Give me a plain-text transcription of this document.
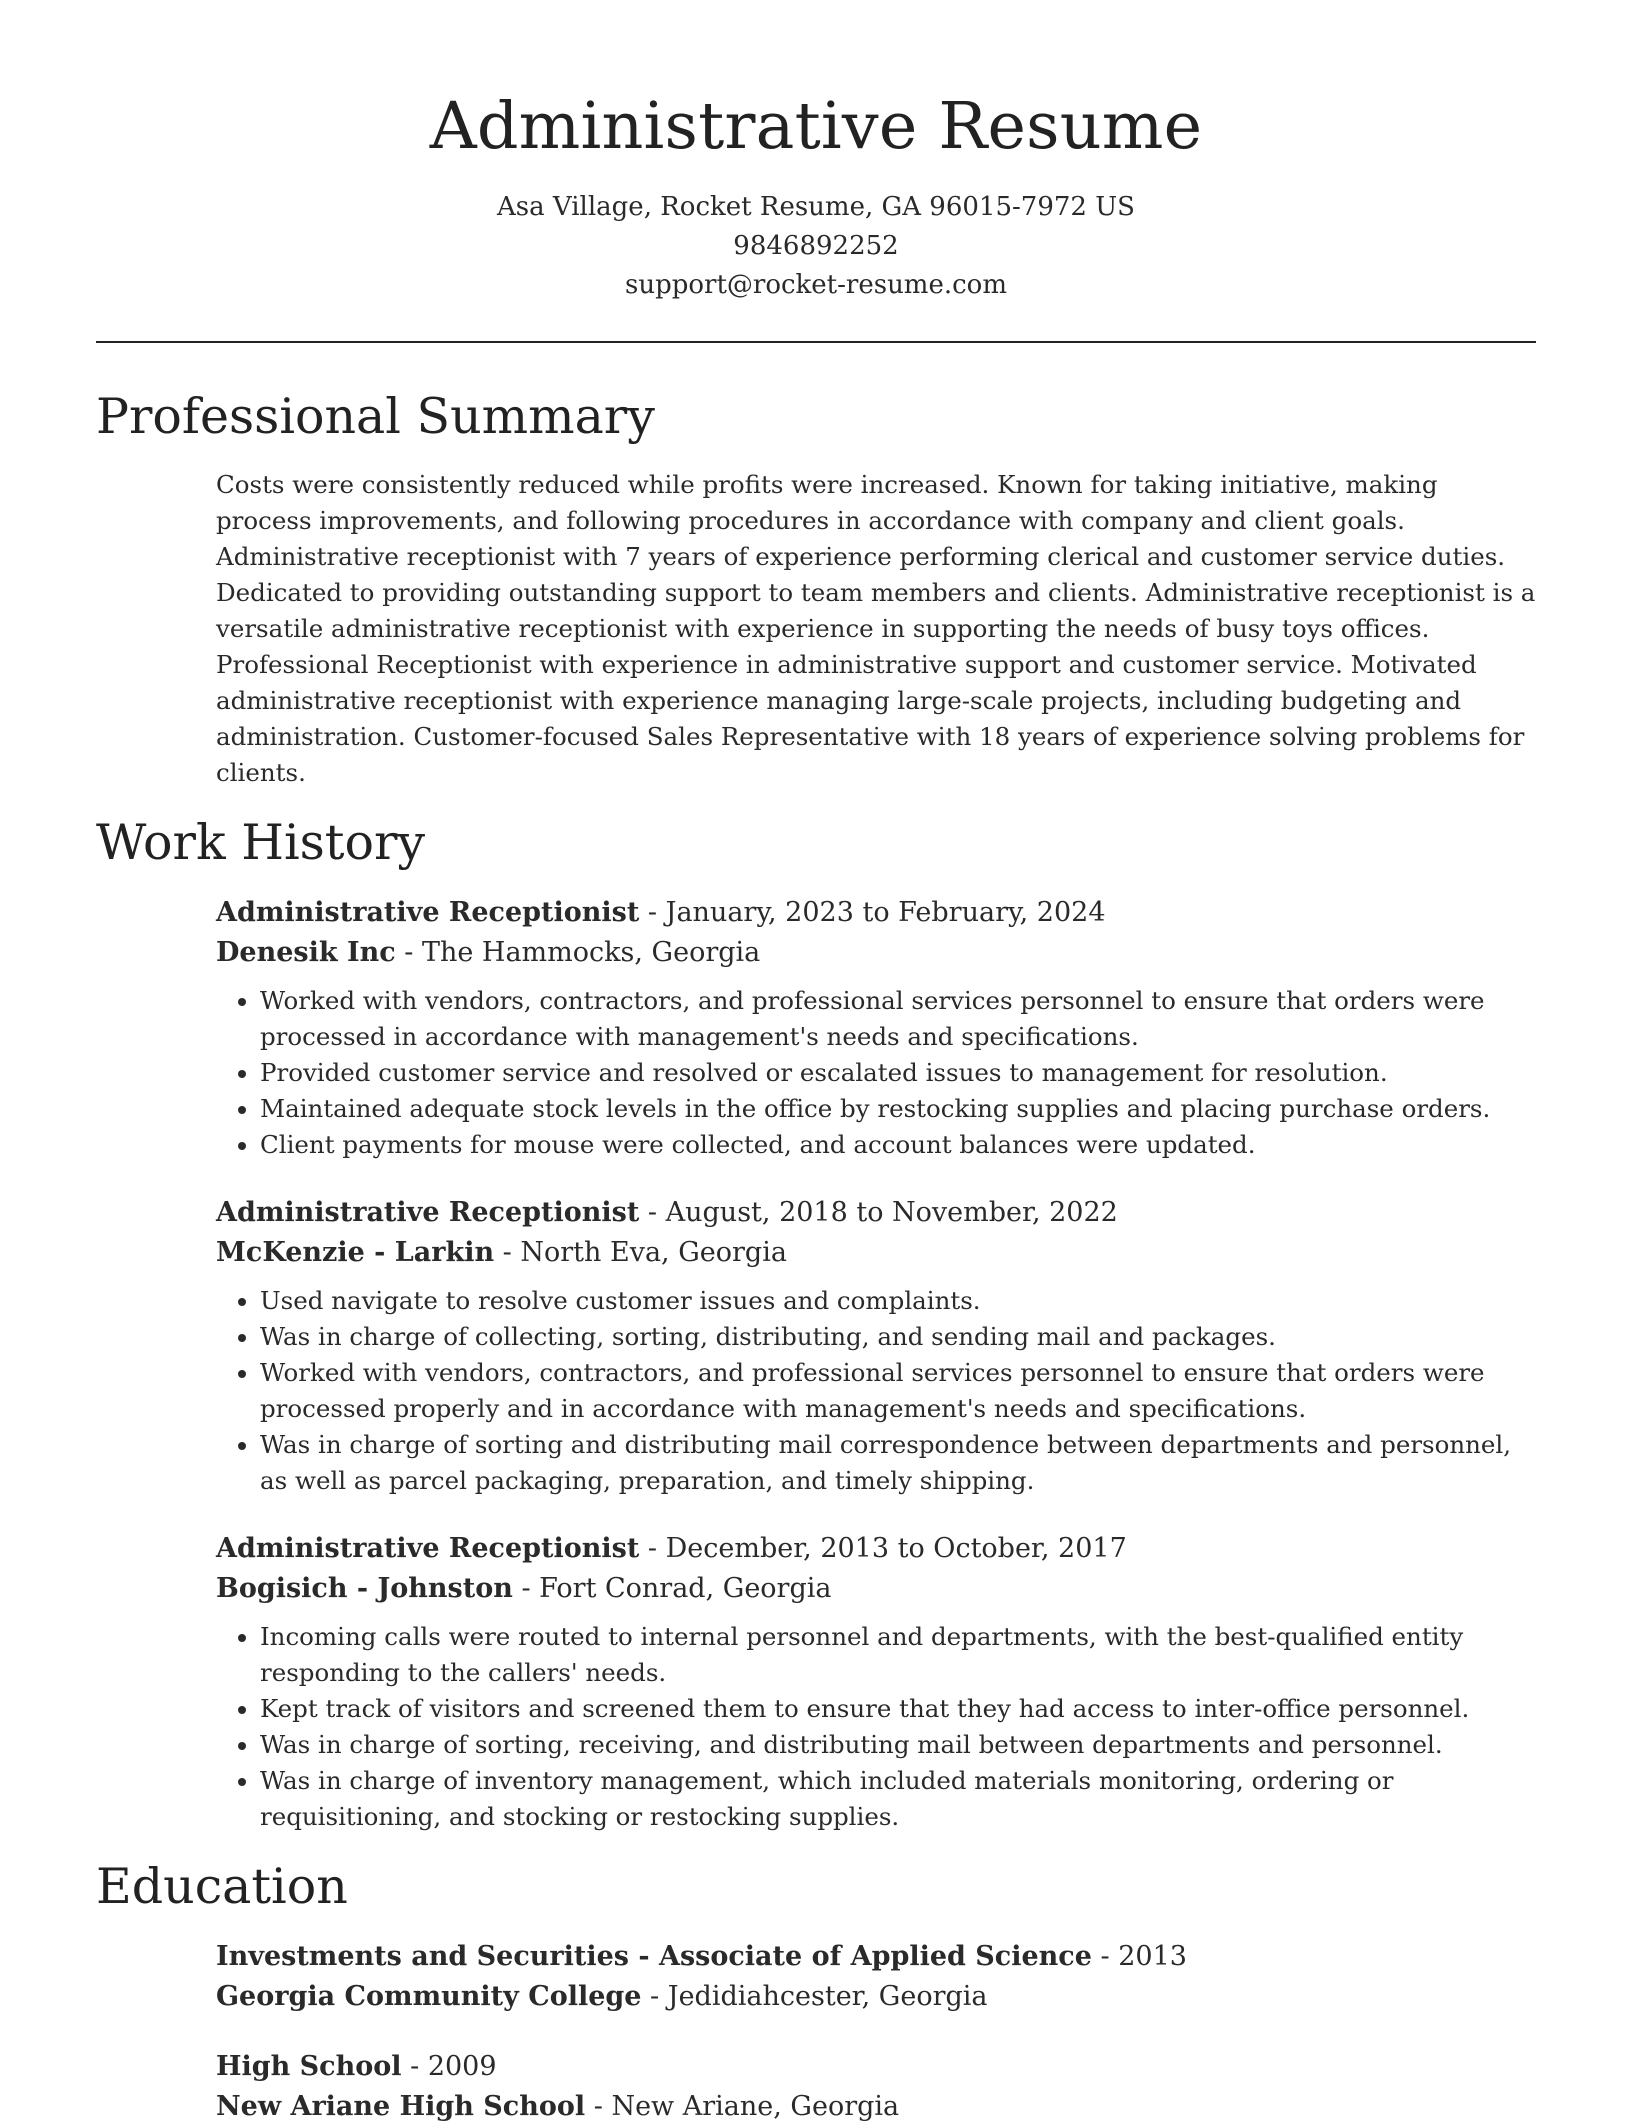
Administrative Resume
Asa Village, Rocket Resume, GA 96015-7972 US
9846892252
support@rocket-resume.com
Professional Summary

Costs were consistently reduced while profits were increased. Known for taking initiative, making process improvements, and following procedures in accordance with company and client goals. Administrative receptionist with 7 years of experience performing clerical and customer service duties. Dedicated to providing outstanding support to team members and clients. Administrative receptionist is a versatile administrative receptionist with experience in supporting the needs of busy toys offices. Professional Receptionist with experience in administrative support and customer service. Motivated administrative receptionist with experience managing large-scale projects, including budgeting and administration. Customer-focused Sales Representative with 18 years of experience solving problems for clients.

Work History
Administrative Receptionist - January, 2023 to February, 2024
Denesik Inc - The Hammocks, Georgia
• Worked with vendors, contractors, and professional services personnel to ensure that orders were processed in accordance with management's needs and specifications.
• Provided customer service and resolved or escalated issues to management for resolution.
• Maintained adequate stock levels in the office by restocking supplies and placing purchase orders.
• Client payments for mouse were collected, and account balances were updated.
Administrative Receptionist - August, 2018 to November, 2022
McKenzie - Larkin - North Eva, Georgia
• Used navigate to resolve customer issues and complaints.
• Was in charge of collecting, sorting, distributing, and sending mail and packages.
• Worked with vendors, contractors, and professional services personnel to ensure that orders were processed properly and in accordance with management's needs and specifications.
• Was in charge of sorting and distributing mail correspondence between departments and personnel, as well as parcel packaging, preparation, and timely shipping.
Administrative Receptionist - December, 2013 to October, 2017
Bogisich - Johnston - Fort Conrad, Georgia
• Incoming calls were routed to internal personnel and departments, with the best-qualified entity responding to the callers' needs.
• Kept track of visitors and screened them to ensure that they had access to inter-office personnel.
• Was in charge of sorting, receiving, and distributing mail between departments and personnel.
• Was in charge of inventory management, which included materials monitoring, ordering or requisitioning, and stocking or restocking supplies.
Education
Investments and Securities - Associate of Applied Science - 2013
Georgia Community College - Jedidiahcester, Georgia
High School - 2009
New Ariane High School - New Ariane, Georgia
